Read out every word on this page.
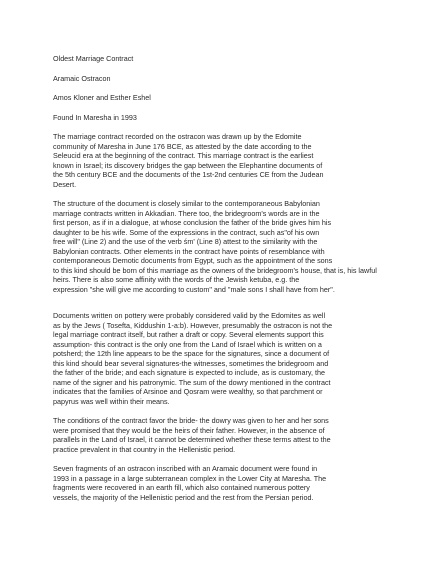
Oldest Marriage Contract

Aramaic Ostracon

Amos Kloner and Esther Eshel

Found In Maresha in 1993

The marriage contract recorded on the ostracon was drawn up by the Edomite
community of Maresha in June 176 BCE, as attested by the date according to the
Seleucid era at the beginning of the contract. This marriage contract is the earliest
known in Israel; its discovery bridges the gap between the Elephantine documents of
the 5th century BCE and the documents of the 1st-2nd centuries CE from the Judean
Desert.
The structure of the document is closely similar to the contemporaneous Babylonian
marriage contracts written in Akkadian. There too, the bridegroom's words are in the
first person, as if in a dialogue, at whose conclusion the father of the bride gives him his
daughter to be his wife. Some of the expressions in the contract, such as"of his own
free will" (Line 2) and the use of the verb śm' (Line 8) attest to the similarity with the
Babylonian contracts. Other elements in the contract have points of resemblance with
contemporaneous Demotic documents from Egypt, such as the appointment of the sons
to this kind should be born of this marriage as the owners of the bridegroom's house, that is, his lawful
heirs. There is also some affinity with the words of the Jewish ketuba, e.g. the
expression "she will give me according to custom" and "male sons I shall have from her".
Documents written on pottery were probably considered valid by the Edomites as well
as by the Jews ( Tosefta, Kiddushin 1-a:b). However, presumably the ostracon is not the
legal marriage contract itself, but rather a draft or copy. Several elements support this
assumption- this contract is the only one from the Land of Israel which is written on a
potsherd; the 12th line appears to be the space for the signatures, since a document of
this kind should bear several signatures-the witnesses, sometimes the bridegroom and
the father of the bride; and each signature is expected to include, as is customary, the
name of the signer and his patronymic. The sum of the dowry mentioned in the contract
indicates that the families of Arsinoe and Qosram were wealthy, so that parchment or
papyrus was well within their means.
The conditions of the contract favor the bride- the dowry was given to her and her sons
were promised that they would be the heirs of their father. However, in the absence of
parallels in the Land of Israel, it cannot be determined whether these terms attest to the
practice prevalent in that country in the Hellenistic period.
Seven fragments of an ostracon inscribed with an Aramaic document were found in
1993 in a passage in a large subterranean complex in the Lower City at Maresha. The
fragments were recovered in an earth fill, which also contained numerous pottery
vessels, the majority of the Hellenistic period and the rest from the Persian period.
